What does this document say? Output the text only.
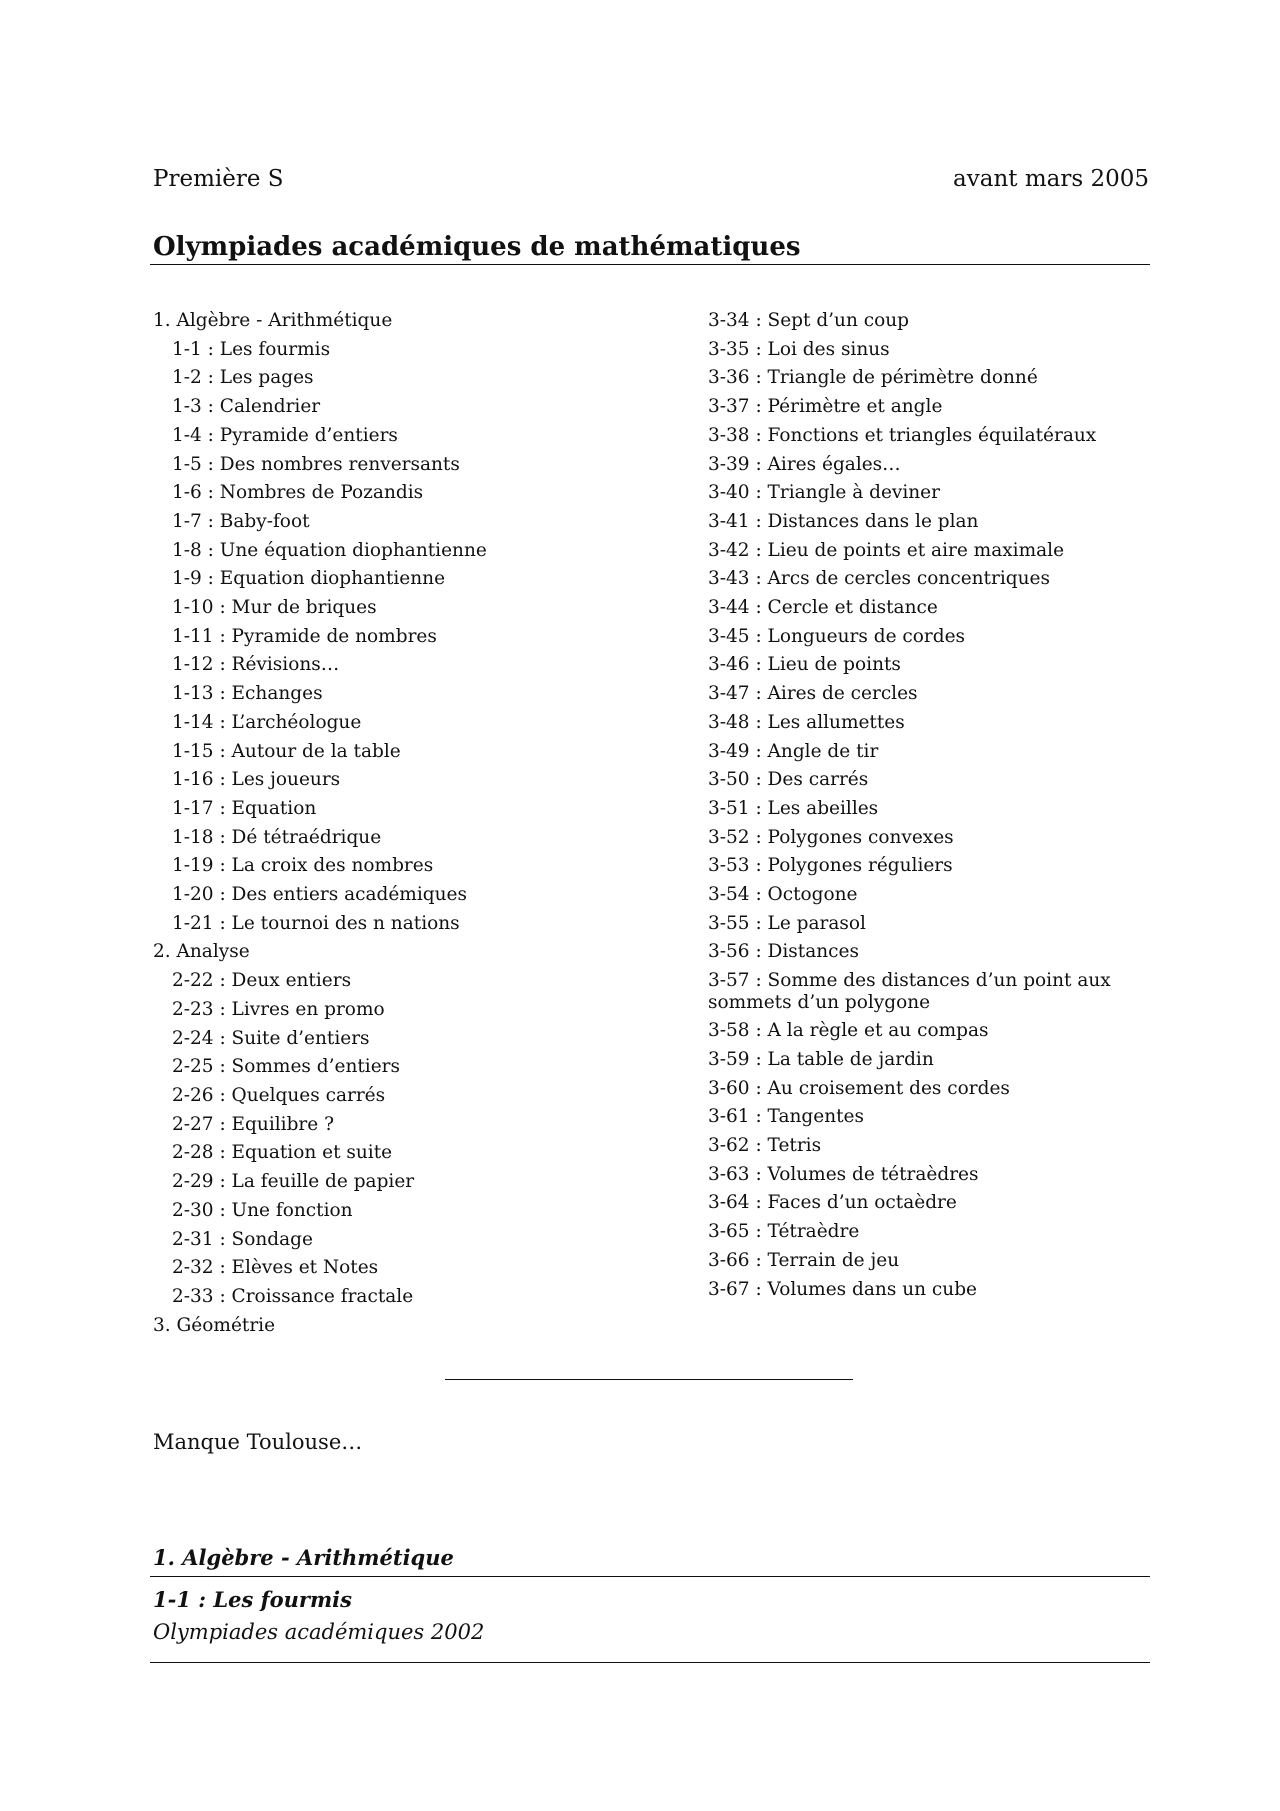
Première S	avant mars 2005
Olympiades académiques de mathématiques
1. Algèbre - Arithmétique
1-1 : Les fourmis
1-2 : Les pages
1-3 : Calendrier
1-4 : Pyramide d’entiers
1-5 : Des nombres renversants
1-6 : Nombres de Pozandis
1-7 : Baby-foot
1-8 : Une équation diophantienne
1-9 : Equation diophantienne
1-10 : Mur de briques
1-11 : Pyramide de nombres
1-12 : Révisions…
1-13 : Echanges
1-14 : L’archéologue
1-15 : Autour de la table
1-16 : Les joueurs
1-17 : Equation
1-18 : Dé tétraédrique
1-19 : La croix des nombres
1-20 : Des entiers académiques
1-21 : Le tournoi des n nations
2. Analyse
2-22 : Deux entiers
2-23 : Livres en promo
2-24 : Suite d’entiers
2-25 : Sommes d’entiers
2-26 : Quelques carrés
2-27 : Equilibre ?
2-28 : Equation et suite
2-29 : La feuille de papier
2-30 : Une fonction
2-31 : Sondage
2-32 : Elèves et Notes
2-33 : Croissance fractale
3. Géométrie
3-34 : Sept d’un coup
3-35 : Loi des sinus
3-36 : Triangle de périmètre donné
3-37 : Périmètre et angle
3-38 : Fonctions et triangles équilatéraux
3-39 : Aires égales…
3-40 : Triangle à deviner
3-41 : Distances dans le plan
3-42 : Lieu de points et aire maximale
3-43 : Arcs de cercles concentriques
3-44 : Cercle et distance
3-45 : Longueurs de cordes
3-46 : Lieu de points
3-47 : Aires de cercles
3-48 : Les allumettes
3-49 : Angle de tir
3-50 : Des carrés
3-51 : Les abeilles
3-52 : Polygones convexes
3-53 : Polygones réguliers
3-54 : Octogone
3-55 : Le parasol
3-56 : Distances
3-57 : Somme des distances d’un point aux sommets d’un polygone
3-58 : A la règle et au compas
3-59 : La table de jardin
3-60 : Au croisement des cordes
3-61 : Tangentes
3-62 : Tetris
3-63 : Volumes de tétraèdres
3-64 : Faces d’un octaèdre
3-65 : Tétraèdre
3-66 : Terrain de jeu
3-67 : Volumes dans un cube
Manque Toulouse…
1. Algèbre - Arithmétique
1-1 : Les fourmis
Olympiades académiques 2002
